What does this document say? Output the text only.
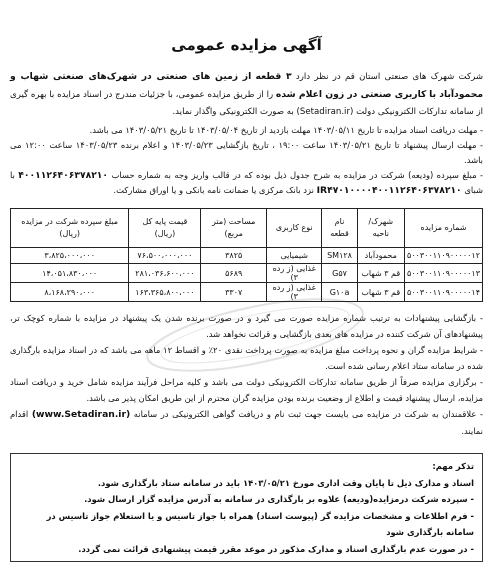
آگهی مزایده عمومی
شرکت شهرک های صنعتی استان قم در نظر دارد ۳ قطعه از زمین های صنعتی در شهرک‌های صنعتی شهاب و محمودآباد با کاربری صنعتی در زون اعلام شده را از طریق مزایده عمومی، با جزئیات مندرج در اسناد مزایده با بهره گیری از سامانه تدارکات الکترونیکی دولت (Setadiran.ir) به صورت الکترونیکی واگذار نماید.
- مهلت دریافت اسناد مزایده تا تاریخ ۱۴۰۳/۰۵/۱۱ مهلت بازدید از تاریخ ۱۴۰۳/۰۵/۰۴ تا تاریخ ۱۴۰۳/۰۵/۲۱ می باشد.
- مهلت ارسال پیشنهاد تا تاریخ ۱۴۰۳/۰۵/۲۱ ساعت ۱۹:۰۰ ، تاریخ بازگشایی ۱۴۰۳/۰۵/۲۳ و اعلام برنده ۱۴۰۳/۰۵/۲۳ ساعت ۱۲:۰۰ می باشد.
- مبلغ سپرده (ودیعه) شرکت در مزایده به شرح جدول ذیل بوده که در قالب واریز وجه به شماره حساب ۴۰۰۱۱۲۶۴۰۶۳۷۸۲۱۰ با شبای IR۴۷۰۱۰۰۰۰۴۰۰۱۱۲۶۴۰۶۳۷۸۲۱۰ نزد بانک مرکزی یا ضمانت نامه بانکی و یا اوراق مشارکت.
شماره مزایده	شهرک/ ناحیه	نام قطعه	نوع کاربری	مساحت (متر مربع)	قیمت پایه کل (ریال)	مبلغ سپرده شرکت در مزایده (ریال)
۵۰۰۳۰۰۱۱۰۹۰۰۰۰۰۱۲	محمودآباد	SM۱۲۸	شیمیایی	۳۸۲۵	۷۶،۵۰۰،۰۰۰،۰۰۰	۳،۸۲۵،۰۰۰،۰۰۰
۵۰۰۳۰۰۱۱۰۹۰۰۰۰۰۱۳	قم ۳ شهاب	G۵۷	غذایی (ز رده ۳)	۵۶۸۹	۲۸۱،۰۳۶،۶۰۰،۰۰۰	۱۴،۰۵۱،۸۳۰،۰۰۰
۵۰۰۳۰۰۱۱۰۹۰۰۰۰۰۱۴	قم ۳ شهاب	G۱۰a	غذایی (ز رده ۳)	۳۳۰۷	۱۶۳،۳۶۵،۸۰۰،۰۰۰	۸،۱۶۸،۲۹۰،۰۰۰
- بازگشایی پیشنهادات به ترتیب شماره مزایده صورت می گیرد و در صورت برنده شدن یک پیشنهاد در مزایده با شماره کوچک تر، پیشنهادهای آن شرکت کننده در مزایده های بعدی بازگشایی و قرائت نخواهد شد.
- شرایط مزایده گران و نحوه پرداخت مبلغ مزایده به صورت پرداخت نقدی ۲۰٪ و اقساط ۱۲ ماهه می باشد که در اسناد مزایده بارگذاری شده در سامانه ستاد اعلام رسانی شده است.
- برگزاری مزایده صرفاً از طریق سامانه تدارکات الکترونیکی دولت می باشد و کلیه مراحل فرآیند مزایده شامل خرید و دریافت اسناد مزایده، ارسال پیشنهاد قیمت و اطلاع از وضعیت برنده بودن مزایده گران محترم از این طریق امکان پذیر می باشد.
- علاقمندان به شرکت در مزایده می بایست جهت ثبت نام و دریافت گواهی الکترونیکی در سامانه (www.Setadiran.ir) اقدام نمایند.
تذکر مهم:
اسناد و مدارک ذیل تا پایان وقت اداری مورخ ۱۴۰۳/۰۵/۲۱ باید در سامانه ستاد بارگذاری شود.
- سپرده شرکت درمزایده(ودیعه) علاوه بر بارگذاری در سامانه به آدرس مزایده گزار ارسال شود.
- فرم اطلاعات و مشخصات مزایده گر (پیوست اسناد) همراه با جواز تاسیس و یا استعلام جواز تاسیس در سامانه بارگذاری شود
- در صورت عدم بارگذاری اسناد و مدارک مذکور در موعد مقرر قیمت پیشنهادی قرائت نمی گردد.
